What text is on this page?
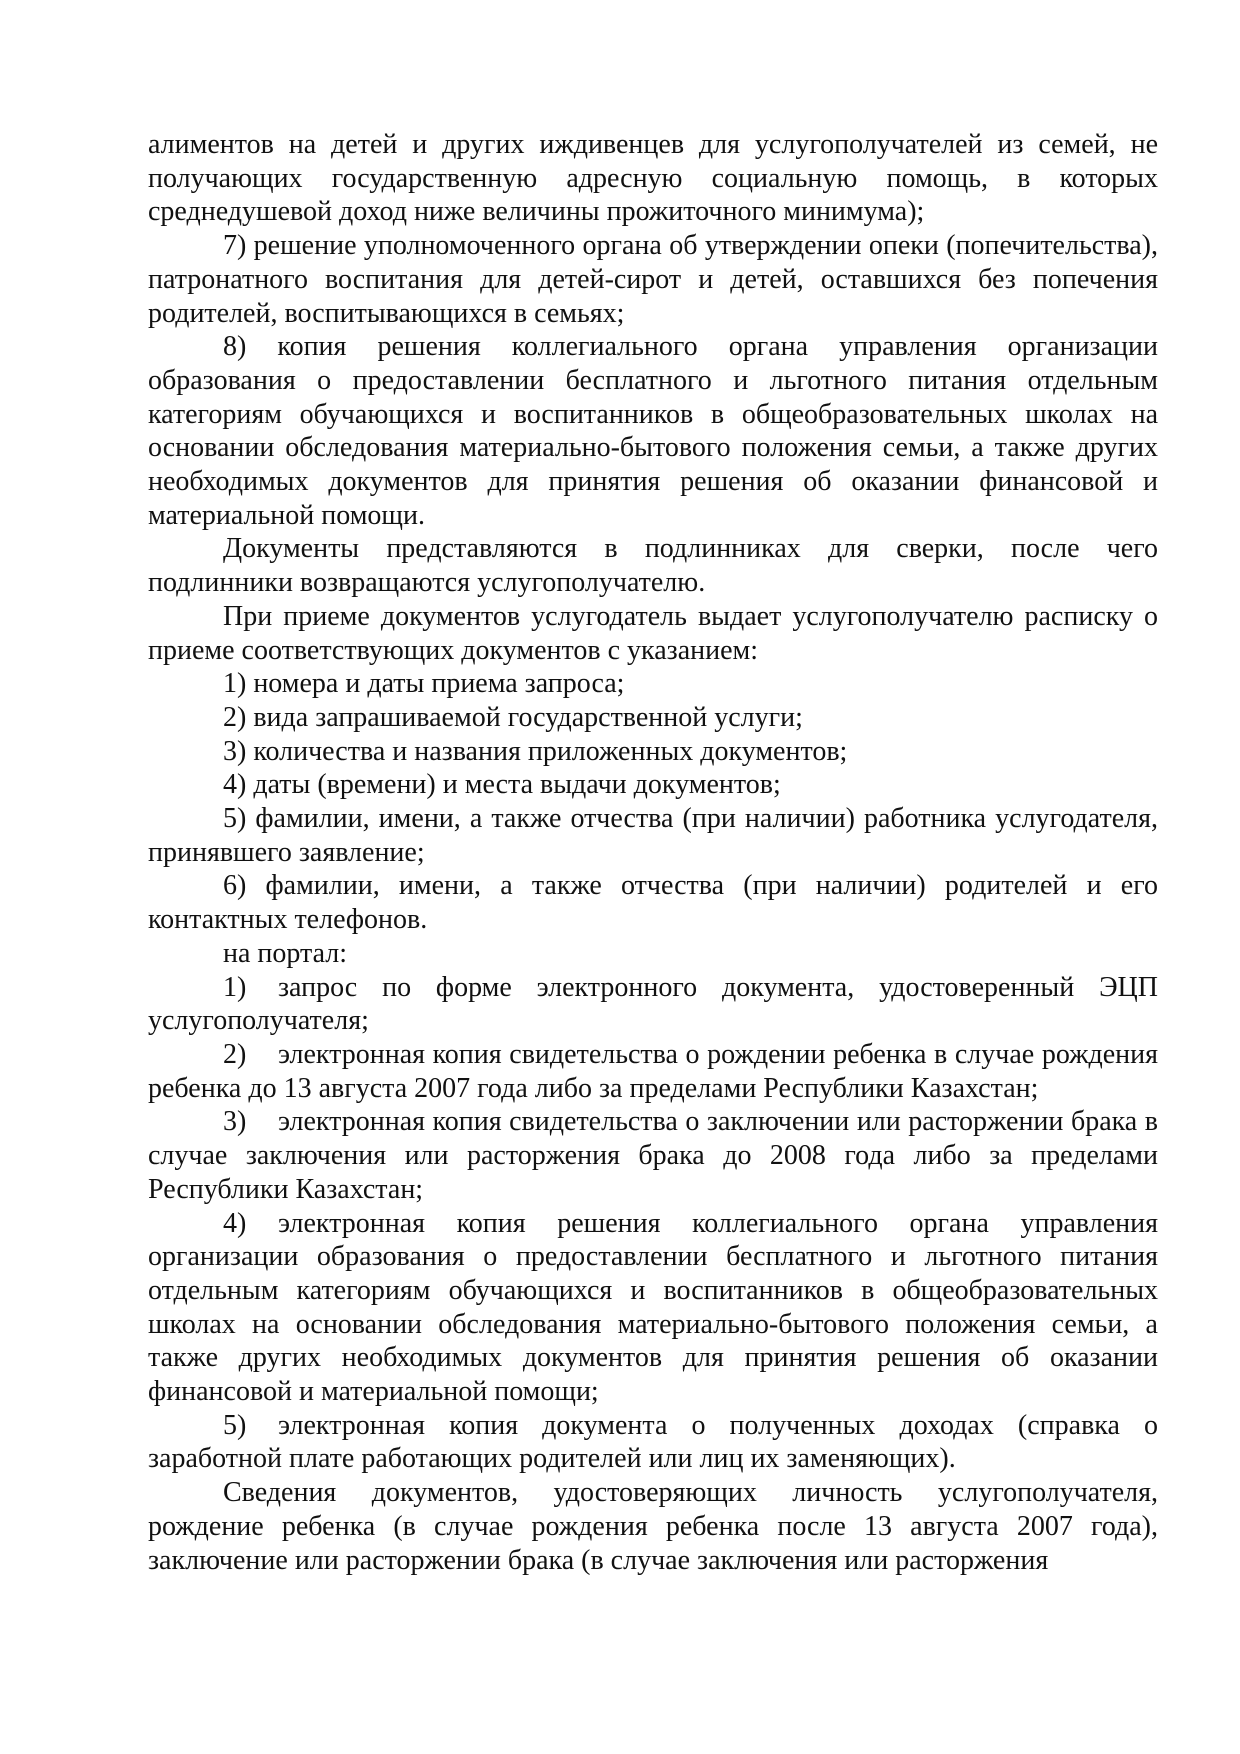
алиментов на детей и других иждивенцев для услугополучателей из семей, не получающих государственную адресную социальную помощь, в которых среднедушевой доход ниже величины прожиточного минимума);

7) решение уполномоченного органа об утверждении опеки (попечительства), патронатного воспитания для детей-сирот и детей, оставшихся без попечения родителей, воспитывающихся в семьях;

8) копия решения коллегиального органа управления организации образования о предоставлении бесплатного и льготного питания отдельным категориям обучающихся и воспитанников в общеобразовательных школах на основании обследования материально-бытового положения семьи, а также других необходимых документов для принятия решения об оказании финансовой и материальной помощи.

Документы представляются в подлинниках для сверки, после чего подлинники возвращаются услугополучателю.

При приеме документов услугодатель выдает услугополучателю расписку о приеме соответствующих документов с указанием:

1) номера и даты приема запроса;

2) вида запрашиваемой государственной услуги;

3) количества и названия приложенных документов;

4) даты (времени) и места выдачи документов;

5) фамилии, имени, а также отчества (при наличии) работника услугодателя, принявшего заявление;

6) фамилии, имени, а также отчества (при наличии) родителей и его контактных телефонов.

на портал:

1) запрос по форме электронного документа, удостоверенный ЭЦП услугополучателя;

2) электронная копия свидетельства о рождении ребенка в случае рождения ребенка до 13 августа 2007 года либо за пределами Республики Казахстан;

3) электронная копия свидетельства о заключении или расторжении брака в случае заключения или расторжения брака до 2008 года либо за пределами Республики Казахстан;

4) электронная копия решения коллегиального органа управления организации образования о предоставлении бесплатного и льготного питания отдельным категориям обучающихся и воспитанников в общеобразовательных школах на основании обследования материально-бытового положения семьи, а также других необходимых документов для принятия решения об оказании финансовой и материальной помощи;

5) электронная копия документа о полученных доходах (справка о заработной плате работающих родителей или лиц их заменяющих).

Сведения документов, удостоверяющих личность услугополучателя, рождение ребенка (в случае рождения ребенка после 13 августа 2007 года), заключение или расторжении брака (в случае заключения или расторжения
